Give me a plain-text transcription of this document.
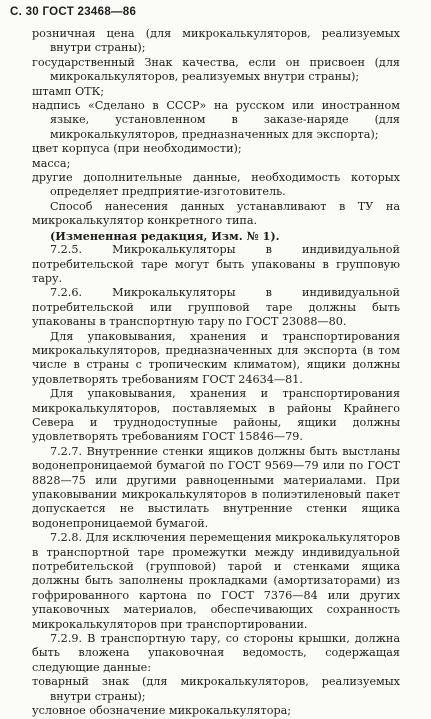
С. 30 ГОСТ 23468—86

розничная цена (для микрокалькуляторов, реализуемых внутри страны);

государственный Знак качества, если он присвоен (для микрокалькуляторов, реализуемых внутри страны);

штамп ОТК;

надпись «Сделано в СССР» на русском или иностранном языке, установленном в заказе-наряде (для микрокалькуляторов, предназначенных для экспорта);

цвет корпуса (при необходимости);

масса;

другие дополнительные данные, необходимость которых определяет предприятие-изготовитель.

Способ нанесения данных устанавливают в ТУ на микрокалькулятор конкретного типа.

(Измененная редакция, Изм. № 1).

7.2.5. Микрокалькуляторы в индивидуальной потребительской таре могут быть упакованы в групповую тару.

7.2.6. Микрокалькуляторы в индивидуальной потребительской или групповой таре должны быть упакованы в транспортную тару по ГОСТ 23088—80.

Для упаковывания, хранения и транспортирования микрокалькуляторов, предназначенных для экспорта (в том числе в страны с тропическим климатом), ящики должны удовлетворять требованиям ГОСТ 24634—81.

Для упаковывания, хранения и транспортирования микрокалькуляторов, поставляемых в районы Крайнего Севера и труднодоступные районы, ящики должны удовлетворять требованиям ГОСТ 15846—79.

7.2.7. Внутренние стенки ящиков должны быть выстланы водонепроницаемой бумагой по ГОСТ 9569—79 или по ГОСТ 8828—75 или другими равноценными материалами. При упаковывании микрокалькуляторов в полиэтиленовый пакет допускается не выстилать внутренние стенки ящика водонепроницаемой бумагой.

7.2.8. Для исключения перемещения микрокалькуляторов в транспортной таре промежутки между индивидуальной потребительской (групповой) тарой и стенками ящика должны быть заполнены прокладками (амортизаторами) из гофрированного картона по ГОСТ 7376—84 или других упаковочных материалов, обеспечивающих сохранность микрокалькуляторов при транспортировании.

7.2.9. В транспортную тару, со стороны крышки, должна быть вложена упаковочная ведомость, содержащая следующие данные:

товарный знак (для микрокалькуляторов, реализуемых внутри страны);

условное обозначение микрокалькулятора;
